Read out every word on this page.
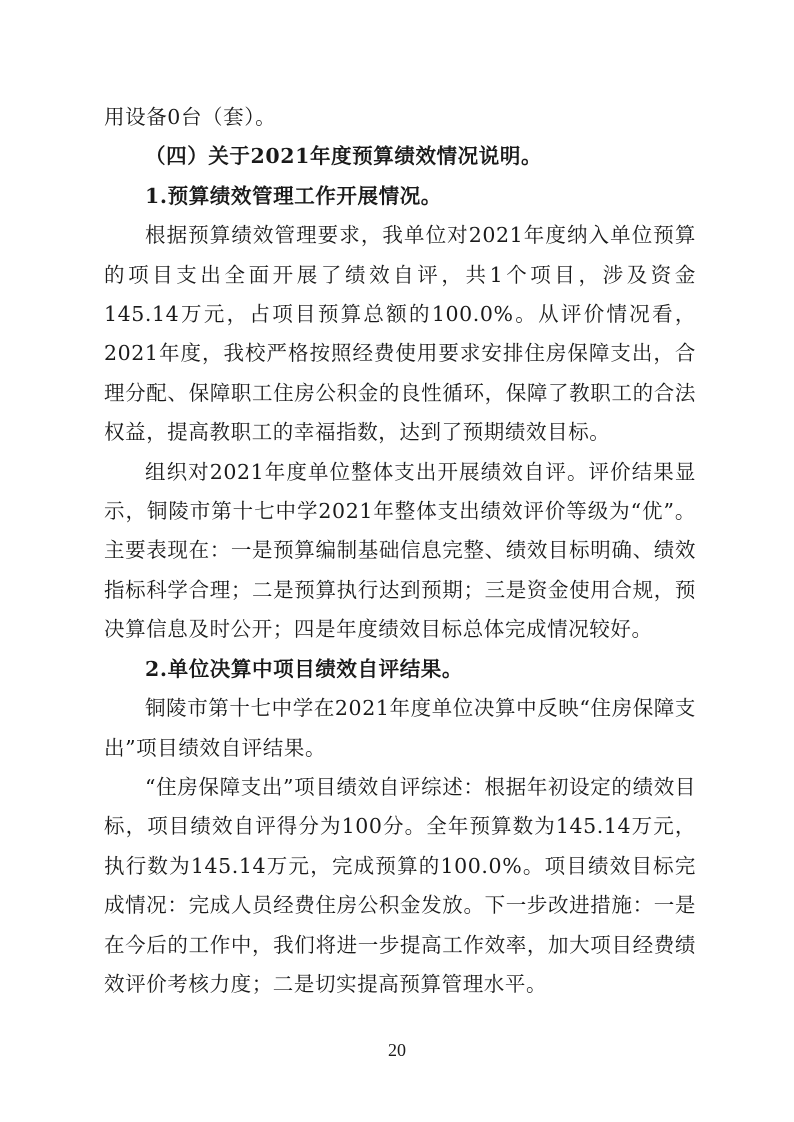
用设备0台（套）。

（四）关于2021年度预算绩效情况说明。

1.预算绩效管理工作开展情况。

根据预算绩效管理要求，我单位对2021年度纳入单位预算的项目支出全面开展了绩效自评，共1个项目，涉及资金145.14万元，占项目预算总额的100.0%。从评价情况看，2021年度，我校严格按照经费使用要求安排住房保障支出，合理分配、保障职工住房公积金的良性循环，保障了教职工的合法权益，提高教职工的幸福指数，达到了预期绩效目标。

组织对2021年度单位整体支出开展绩效自评。评价结果显示，铜陵市第十七中学2021年整体支出绩效评价等级为“优”。主要表现在：一是预算编制基础信息完整、绩效目标明确、绩效指标科学合理；二是预算执行达到预期；三是资金使用合规，预决算信息及时公开；四是年度绩效目标总体完成情况较好。

2.单位决算中项目绩效自评结果。

铜陵市第十七中学在2021年度单位决算中反映“住房保障支出”项目绩效自评结果。

“住房保障支出”项目绩效自评综述：根据年初设定的绩效目标，项目绩效自评得分为100分。全年预算数为145.14万元，执行数为145.14万元，完成预算的100.0%。项目绩效目标完成情况：完成人员经费住房公积金发放。下一步改进措施：一是在今后的工作中，我们将进一步提高工作效率，加大项目经费绩效评价考核力度；二是切实提高预算管理水平。

20
